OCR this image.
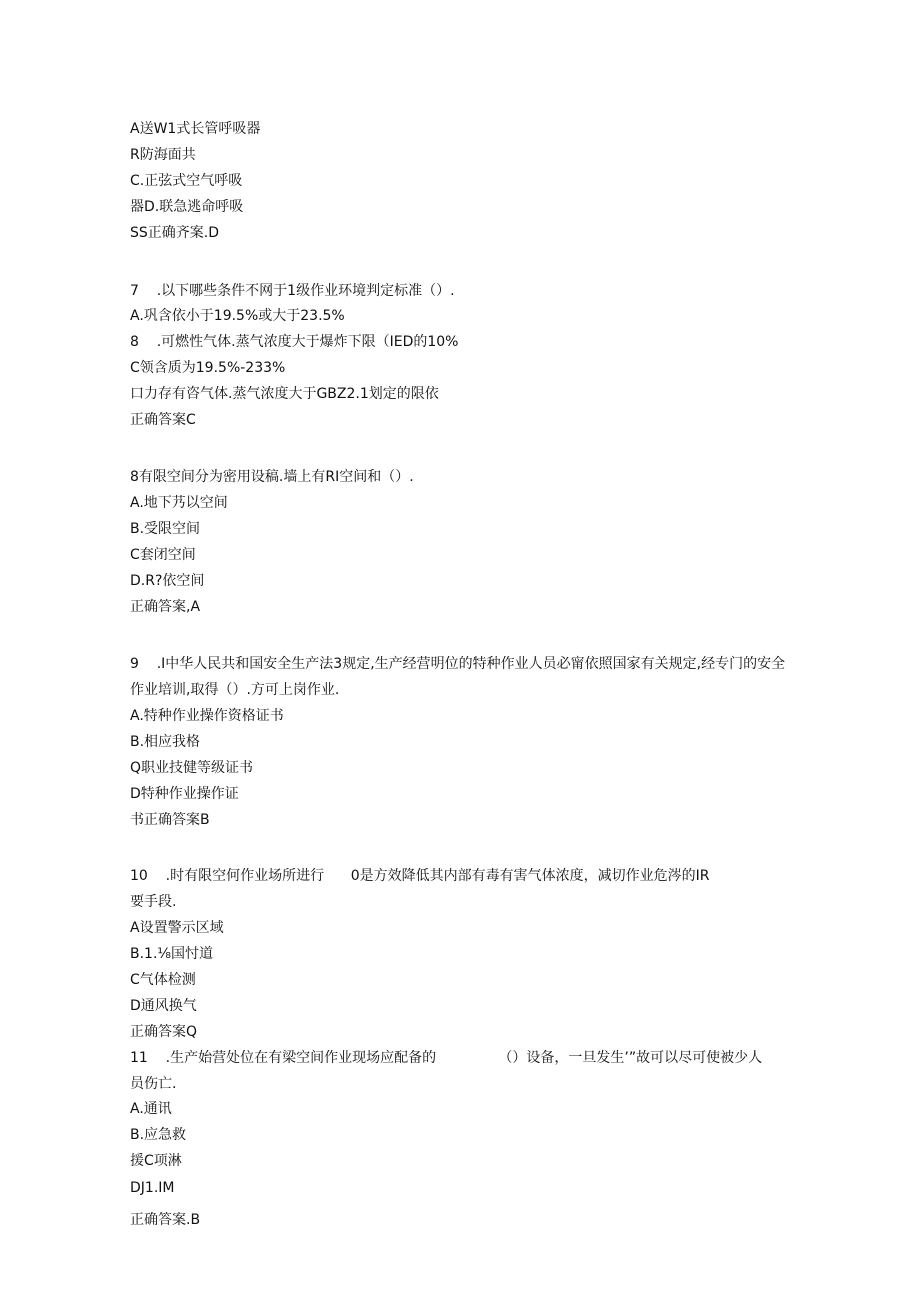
A送W1式长管呼吸器
R防海面共
C.正弦式空气呼吸
器D.联急逃命呼吸
SS正确齐案.D
7    .以下哪些条件不网于1级作业环境判定标准（）.
A.巩含依小于19.5%或大于23.5%
8    .可燃性气体.蒸气浓度大于爆炸下限（IED的10%
C领含质为19.5%-233%
口力存有咨气体.蒸气浓度大于GBZ2.1划定的限依
正确答案C
8有限空间分为密用设稿.墙上有RI空间和（）.
A.地下艿以空间
B.受限空间
C套闭空间
D.R?依空间
正确答案,A
9    .I中华人民共和国安全生产法3规定,生产经营明位的特种作业人员必甯依照国家有关规定,经专门的安全
作业培训,取得（）.方可上岗作业.
A.特种作业操作资格证书
B.相应我格
Q职业技健等级证书
D特种作业操作证
书正确答案B
10    .时有限空何作业场所进行      0是方效降低其内部有毒有害气体浓度，减切作业危涔的IR
要手段.
A设置警示区域
B.1.⅛国忖道
C气体检测
D通风换气
正确答案Q
11    .生产始营处位在有梁空间作业现场应配备的              （）设备，一旦发生’”故可以尽可使被少人
员伤亡.
A.通讯
B.应急救
援C项淋
DJ1.IM
正确答案.B
